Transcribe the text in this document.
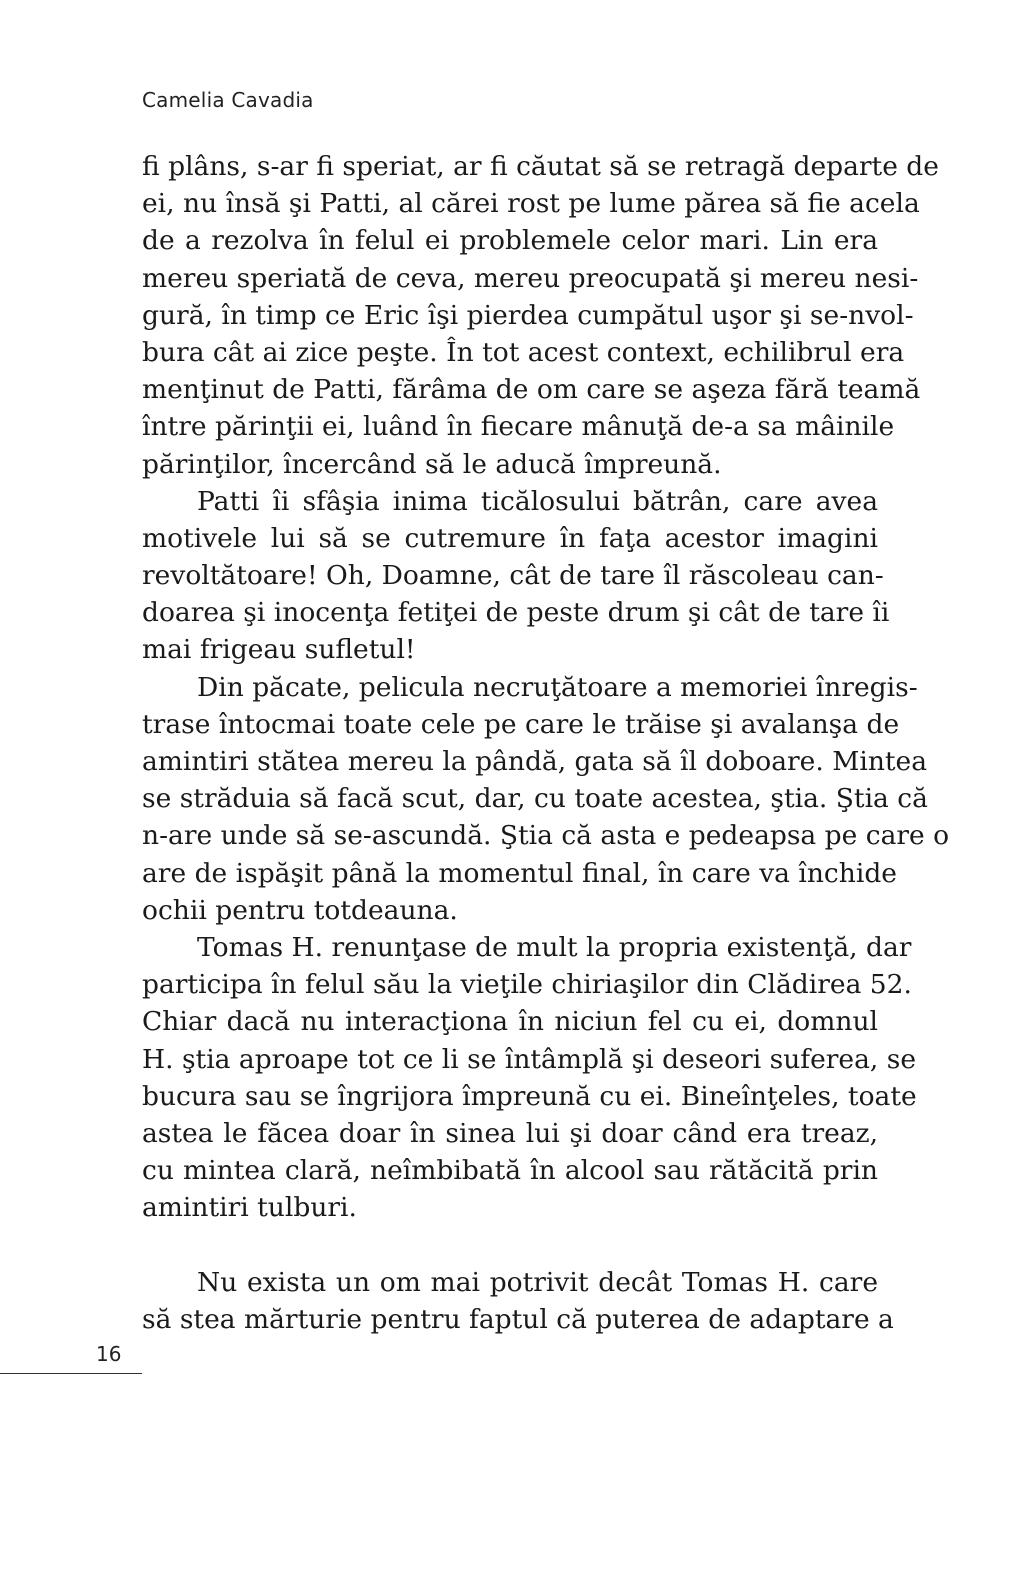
Camelia Cavadia
fi plâns, s-ar fi speriat, ar fi căutat să se retragă departe de
ei, nu însă şi Patti, al cărei rost pe lume părea să fie acela
de a rezolva în felul ei problemele celor mari. Lin era
mereu speriată de ceva, mereu preocupată şi mereu nesi-
gură, în timp ce Eric îşi pierdea cumpătul uşor şi se-nvol-
bura cât ai zice peşte. În tot acest context, echilibrul era
menţinut de Patti, fărâma de om care se aşeza fără teamă
între părinţii ei, luând în fiecare mânuţă de-a sa mâinile
părinţilor, încercând să le aducă împreună.
Patti îi sfâşia inima ticălosului bătrân, care avea
motivele lui să se cutremure în faţa acestor imagini
revoltătoare! Oh, Doamne, cât de tare îl răscoleau can-
doarea şi inocenţa fetiţei de peste drum şi cât de tare îi
mai frigeau sufletul!
Din păcate, pelicula necruţătoare a memoriei înregis-
trase întocmai toate cele pe care le trăise şi avalanşa de
amintiri stătea mereu la pândă, gata să îl doboare. Mintea
se străduia să facă scut, dar, cu toate acestea, ştia. Ştia că
n-are unde să se-ascundă. Ştia că asta e pedeapsa pe care o
are de ispăşit până la momentul final, în care va închide
ochii pentru totdeauna.
Tomas H. renunţase de mult la propria existenţă, dar
participa în felul său la vieţile chiriaşilor din Clădirea 52.
Chiar dacă nu interacţiona în niciun fel cu ei, domnul
H. ştia aproape tot ce li se întâmplă şi deseori suferea, se
bucura sau se îngrijora împreună cu ei. Bineînţeles, toate
astea le făcea doar în sinea lui şi doar când era treaz,
cu mintea clară, neîmbibată în alcool sau rătăcită prin
amintiri tulburi.
Nu exista un om mai potrivit decât Tomas H. care
să stea mărturie pentru faptul că puterea de adaptare a
16
